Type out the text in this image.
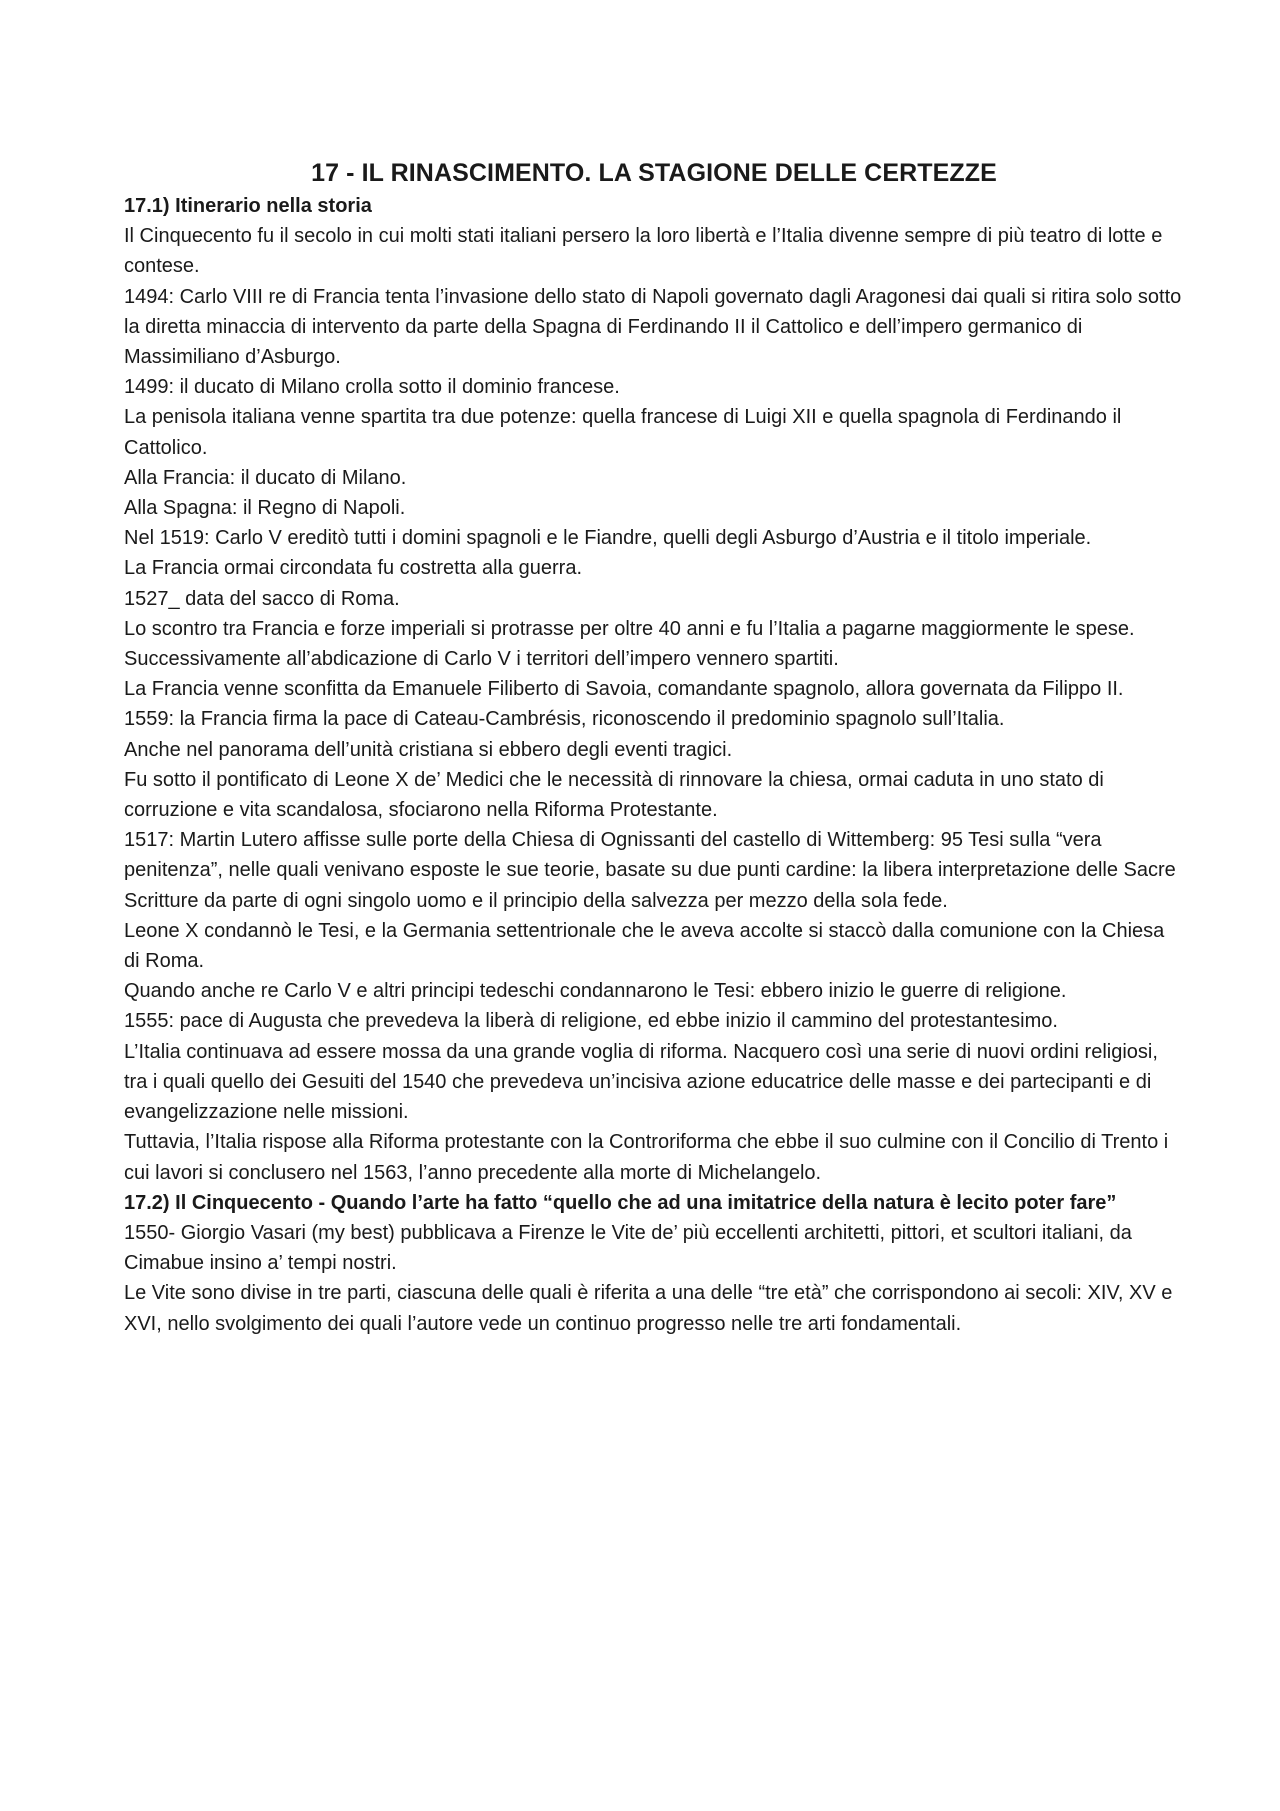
17 - IL RINASCIMENTO. LA STAGIONE DELLE CERTEZZE
17.1) Itinerario nella storia

Il Cinquecento fu il secolo in cui molti stati italiani persero la loro libertà e l’Italia divenne sempre di più teatro di lotte e contese.

1494: Carlo VIII re di Francia tenta l’invasione dello stato di Napoli governato dagli Aragonesi dai quali si ritira solo sotto la diretta minaccia di intervento da parte della Spagna di Ferdinando II il Cattolico e dell’impero germanico di Massimiliano d’Asburgo.

1499: il ducato di Milano crolla sotto il dominio francese.

La penisola italiana venne spartita tra due potenze: quella francese di Luigi XII e quella spagnola di Ferdinando il Cattolico.

Alla Francia: il ducato di Milano.

Alla Spagna: il Regno di Napoli.

Nel 1519: Carlo V ereditò tutti i domini spagnoli e le Fiandre, quelli degli Asburgo d’Austria e il titolo imperiale.

La Francia ormai circondata fu costretta alla guerra.

1527_ data del sacco di Roma.

Lo scontro tra Francia e forze imperiali si protrasse per oltre 40 anni e fu l’Italia a pagarne maggiormente le spese.

Successivamente all’abdicazione di Carlo V i territori dell’impero vennero spartiti.

La Francia venne sconfitta da Emanuele Filiberto di Savoia, comandante spagnolo, allora governata da Filippo II.

1559: la Francia firma la pace di Cateau-Cambrésis, riconoscendo il predominio spagnolo sull’Italia.

Anche nel panorama dell’unità cristiana si ebbero degli eventi tragici.

Fu sotto il pontificato di Leone X de’ Medici che le necessità di rinnovare la chiesa, ormai caduta in uno stato di corruzione e vita scandalosa, sfociarono nella Riforma Protestante.

1517: Martin Lutero affisse sulle porte della Chiesa di Ognissanti del castello di Wittemberg: 95 Tesi sulla “vera penitenza”, nelle quali venivano esposte le sue teorie, basate su due punti cardine: la libera interpretazione delle Sacre Scritture da parte di ogni singolo uomo e il principio della salvezza per mezzo della sola fede.

Leone X condannò le Tesi, e la Germania settentrionale che le aveva accolte si staccò dalla comunione con la Chiesa di Roma.

Quando anche re Carlo V e altri principi tedeschi condannarono le Tesi: ebbero inizio le guerre di religione.

1555: pace di Augusta che prevedeva la liberà di religione, ed ebbe inizio il cammino del protestantesimo.

L’Italia continuava ad essere mossa da una grande voglia di riforma. Nacquero così una serie di nuovi ordini religiosi, tra i quali quello dei Gesuiti del 1540 che prevedeva un’incisiva azione educatrice delle masse e dei partecipanti e di evangelizzazione nelle missioni.

Tuttavia, l’Italia rispose alla Riforma protestante con la Controriforma che ebbe il suo culmine con il Concilio di Trento i cui lavori si conclusero nel 1563, l’anno precedente alla morte di Michelangelo.

17.2) Il Cinquecento - Quando l’arte ha fatto “quello che ad una imitatrice della natura è lecito poter fare”

1550- Giorgio Vasari (my best) pubblicava a Firenze le Vite de’ più eccellenti architetti, pittori, et scultori italiani, da Cimabue insino a’ tempi nostri.

Le Vite sono divise in tre parti, ciascuna delle quali è riferita a una delle “tre età” che corrispondono ai secoli: XIV, XV e XVI, nello svolgimento dei quali l’autore vede un continuo progresso nelle tre arti fondamentali.
